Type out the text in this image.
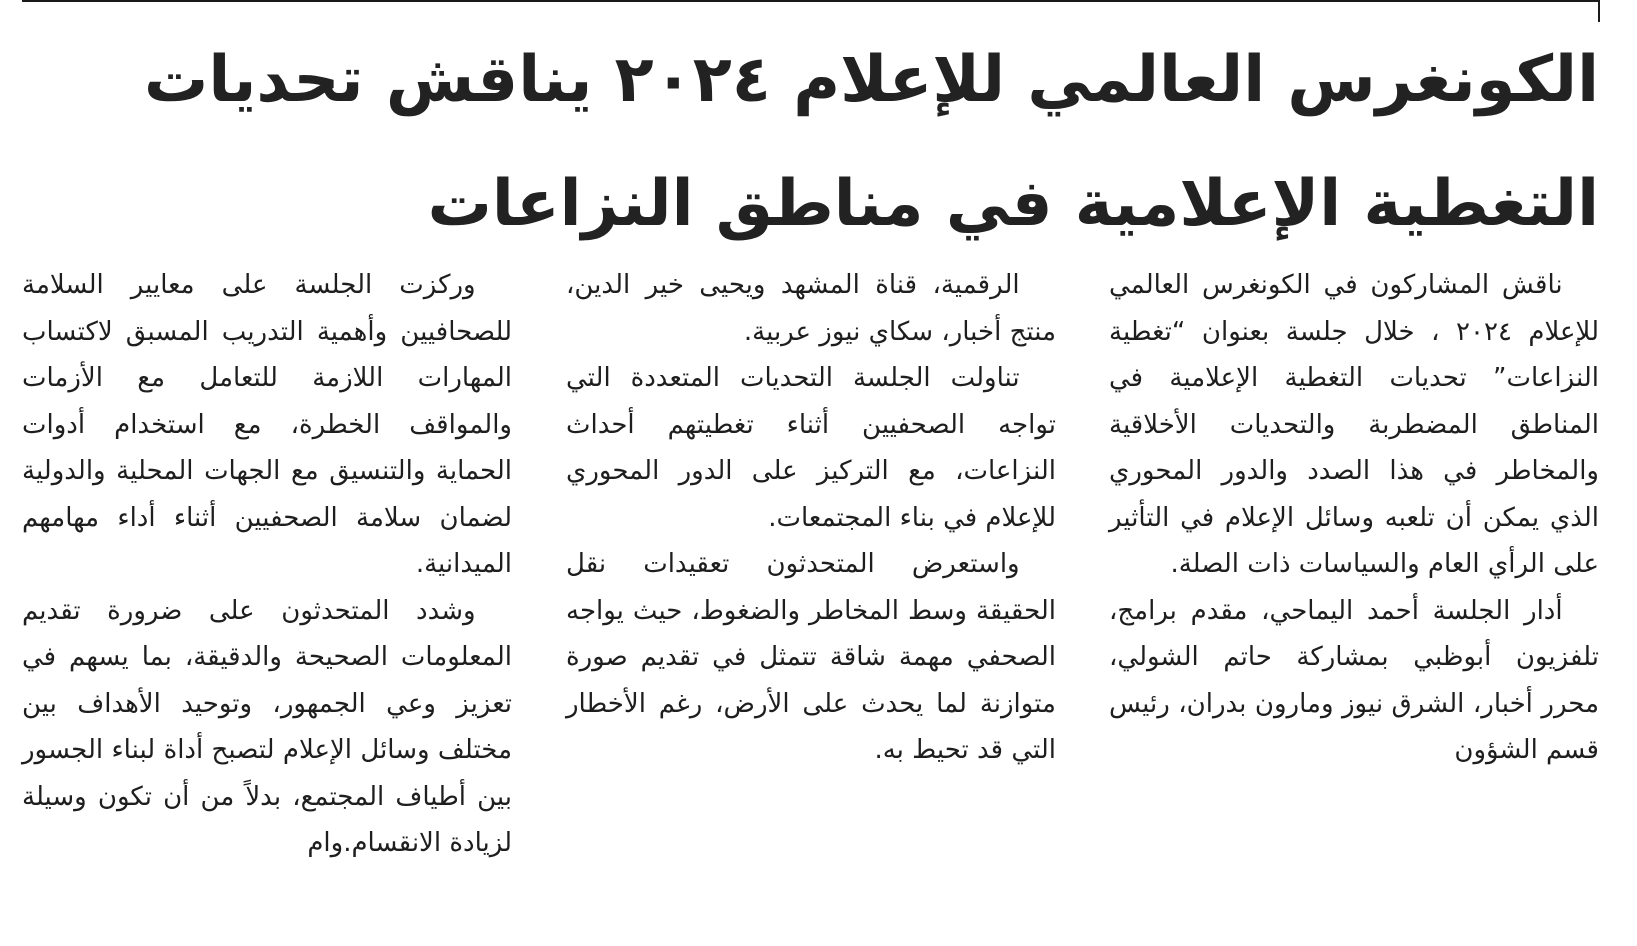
الكونغرس العالمي للإعلام ٢٠٢٤ يناقش تحديات
التغطية الإعلامية في مناطق النزاعات

ناقش المشاركون في الكونغرس العالمي للإعلام ٢٠٢٤ ، خلال جلسة بعنوان “تغطية النزاعات” تحديات التغطية الإعلامية في المناطق المضطربة والتحديات الأخلاقية والمخاطر في هذا الصدد والدور المحوري الذي يمكن أن تلعبه وسائل الإعلام في التأثير على الرأي العام والسياسات ذات الصلة.

أدار الجلسة أحمد اليماحي، مقدم برامج، تلفزيون أبوظبي بمشاركة حاتم الشولي، محرر أخبار، الشرق نيوز ومارون بدران، رئيس قسم الشؤون

الرقمية، قناة المشهد ويحيى خير الدين، منتج أخبار، سكاي نيوز عربية.

تناولت الجلسة التحديات المتعددة التي تواجه الصحفيين أثناء تغطيتهم أحداث النزاعات، مع التركيز على الدور المحوري للإعلام في بناء المجتمعات.

واستعرض المتحدثون تعقيدات نقل الحقيقة وسط المخاطر والضغوط، حيث يواجه الصحفي مهمة شاقة تتمثل في تقديم صورة متوازنة لما يحدث على الأرض، رغم الأخطار التي قد تحيط به.

وركزت الجلسة على معايير السلامة للصحافيين وأهمية التدريب المسبق لاكتساب المهارات اللازمة للتعامل مع الأزمات والمواقف الخطرة، مع استخدام أدوات الحماية والتنسيق مع الجهات المحلية والدولية لضمان سلامة الصحفيين أثناء أداء مهامهم الميدانية.

وشدد المتحدثون على ضرورة تقديم المعلومات الصحيحة والدقيقة، بما يسهم في تعزيز وعي الجمهور، وتوحيد الأهداف بين مختلف وسائل الإعلام لتصبح أداة لبناء الجسور بين أطياف المجتمع، بدلاً من أن تكون وسيلة لزيادة الانقسام.وام
